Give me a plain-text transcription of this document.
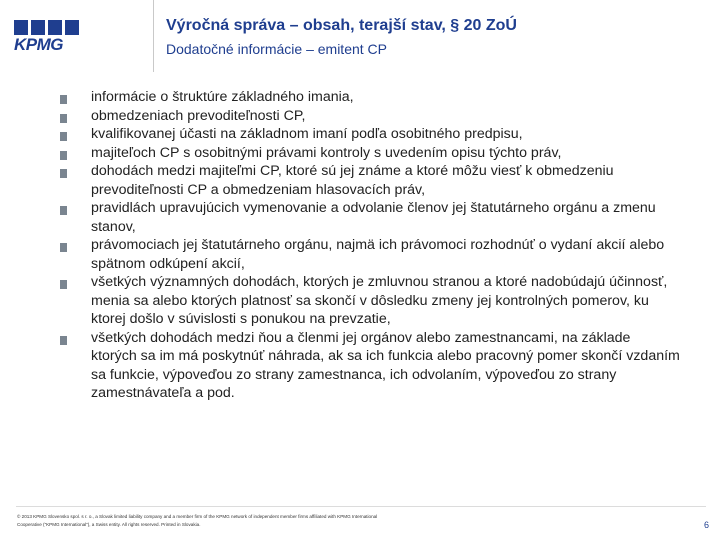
KPMG
Výročná správa – obsah, terajší stav, § 20 ZoÚ
Dodatočné informácie – emitent CP
informácie o štruktúre základného imania,
obmedzeniach prevoditeľnosti CP,
kvalifikovanej účasti na základnom imaní podľa osobitného predpisu,
majiteľoch CP s osobitnými právami kontroly s uvedením opisu týchto práv,
dohodách medzi majiteľmi CP, ktoré sú jej známe a ktoré môžu viesť k obmedzeniu prevoditeľnosti CP a obmedzeniam hlasovacích práv,
pravidlách upravujúcich vymenovanie a odvolanie členov jej štatutárneho orgánu a zmenu stanov,
právomociach jej štatutárneho orgánu, najmä ich právomoci rozhodnúť o vydaní akcií alebo spätnom odkúpení akcií,
všetkých významných dohodách, ktorých je zmluvnou stranou a ktoré nadobúdajú účinnosť, menia sa alebo ktorých platnosť sa skončí v dôsledku zmeny jej kontrolných pomerov, ku ktorej došlo v súvislosti s ponukou na prevzatie,
všetkých dohodách medzi ňou a členmi jej orgánov alebo zamestnancami, na základe ktorých sa im má poskytnúť náhrada, ak sa ich funkcia alebo pracovný pomer skončí vzdaním sa funkcie, výpoveďou zo strany zamestnanca, ich odvolaním, výpoveďou zo strany zamestnávateľa a pod.
© 2013 KPMG Slovensko spol. s r. o., a Slovak limited liability company and a member firm of the KPMG network of independent member firms affiliated with KPMG International
Cooperative (“KPMG International”), a Swiss entity. All rights reserved. Printed in Slovakia.	6
